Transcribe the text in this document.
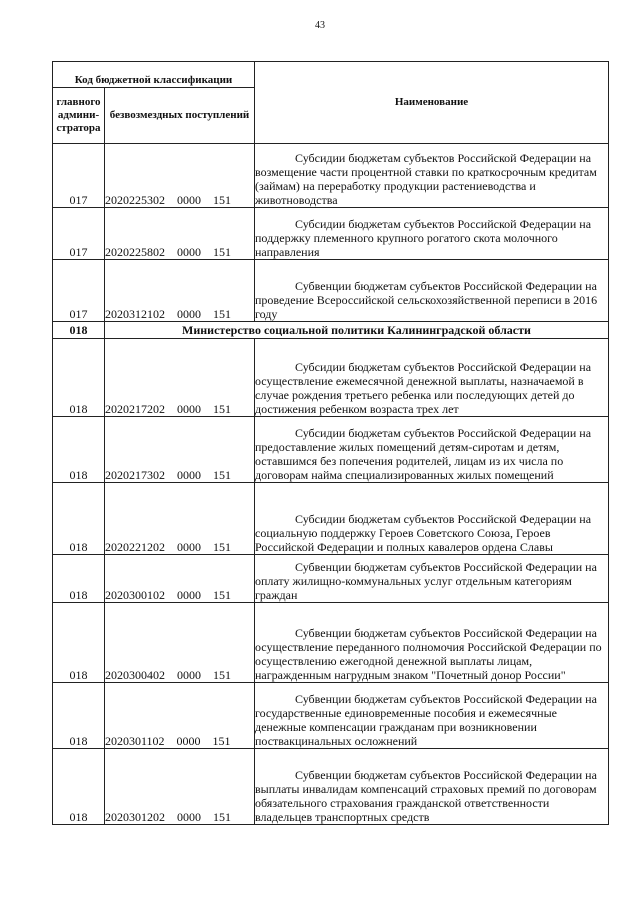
43
Код бюджетной классификации		Наименование
главного админи-стратора	безвозмездных поступлений	
017	2020225302    0000    151	Субсидии бюджетам субъектов Российской Федерации на возмещение части процентной ставки по краткосрочным кредитам (займам) на переработку продукции растениеводства и животноводства
017	2020225802    0000    151	Субсидии бюджетам субъектов Российской Федерации на поддержку племенного крупного рогатого скота молочного направления
017	2020312102    0000    151	Субвенции бюджетам субъектов Российской Федерации на проведение Всероссийской сельскохозяйственной переписи в 2016 году
018	Министерство социальной политики Калининградской области	
018	2020217202    0000    151	Субсидии бюджетам субъектов Российской Федерации на осуществление ежемесячной денежной выплаты, назначаемой в случае рождения третьего ребенка или последующих детей до достижения ребенком возраста трех лет
018	2020217302    0000    151	Субсидии бюджетам субъектов Российской Федерации на предоставление жилых помещений детям-сиротам и детям, оставшимся без попечения родителей, лицам из их числа по договорам найма специализированных жилых помещений
018	2020221202    0000    151	Субсидии бюджетам субъектов Российской Федерации на социальную поддержку Героев Советского Союза, Героев Российской Федерации и полных кавалеров ордена Славы
018	2020300102    0000    151	Субвенции бюджетам субъектов Российской Федерации на оплату жилищно-коммунальных услуг отдельным категориям граждан
018	2020300402    0000    151	Субвенции бюджетам субъектов Российской Федерации на осуществление переданного полномочия Российской Федерации по осуществлению ежегодной денежной выплаты лицам, награжденным нагрудным знаком "Почетный донор России"
018	2020301102    0000    151	Субвенции бюджетам субъектов Российской Федерации на государственные единовременные пособия и ежемесячные денежные компенсации гражданам при возникновении поствакцинальных осложнений
018	2020301202    0000    151	Субвенции бюджетам субъектов Российской Федерации на выплаты инвалидам компенсаций страховых премий по договорам обязательного страхования гражданской ответственности владельцев транспортных средств
